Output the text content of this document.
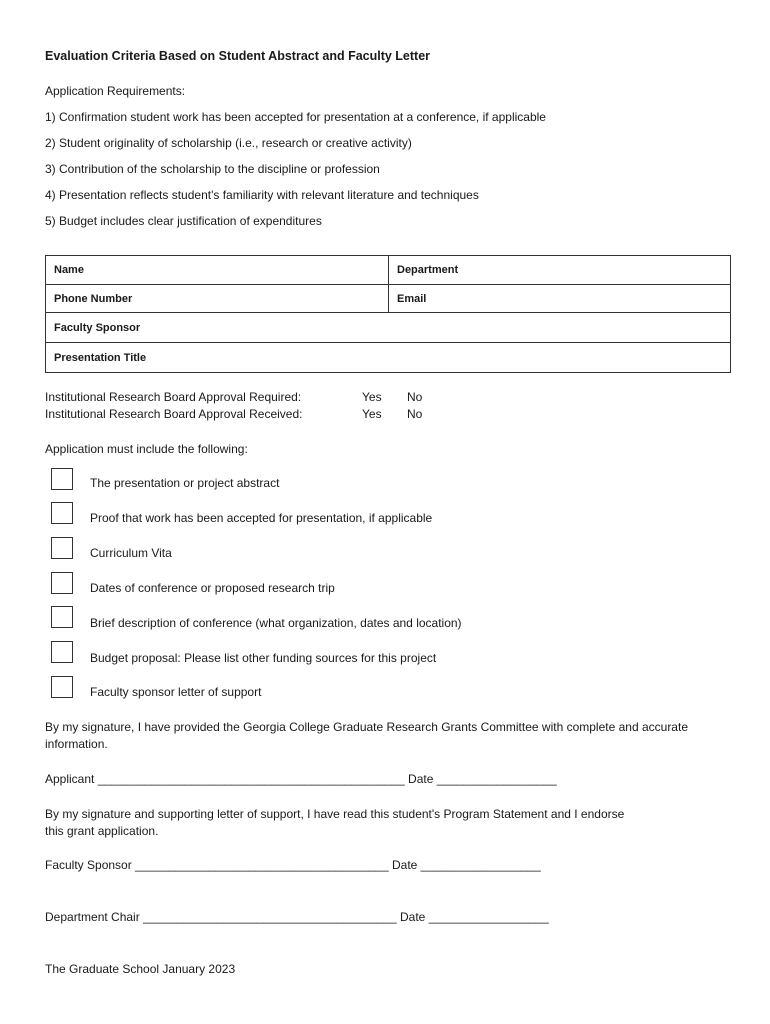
Evaluation Criteria Based on Student Abstract and Faculty Letter
Application Requirements:
1) Confirmation student work has been accepted for presentation at a conference, if applicable
2) Student originality of scholarship (i.e., research or creative activity)
3) Contribution of the scholarship to the discipline or profession
4) Presentation reflects student's familiarity with relevant literature and techniques
5) Budget includes clear justification of expenditures
Name	Department
Phone Number	Email
Faculty Sponsor	
Presentation Title	
Institutional Research Board Approval Required:	Yes No
Institutional Research Board Approval Received:	Yes No
Application must include the following:
The presentation or project abstract
Proof that work has been accepted for presentation, if applicable
Curriculum Vita
Dates of conference or proposed research trip
Brief description of conference (what organization, dates and location)
Budget proposal: Please list other funding sources for this project
Faculty sponsor letter of support
By my signature, I have provided the Georgia College Graduate Research Grants Committee with complete and accurate
information.
Applicant ______________________________________________ Date __________________
By my signature and supporting letter of support, I have read this student's Program Statement and I endorse
this grant application.
Faculty Sponsor ______________________________________ Date __________________
Department Chair ______________________________________ Date __________________
The Graduate School January 2023
